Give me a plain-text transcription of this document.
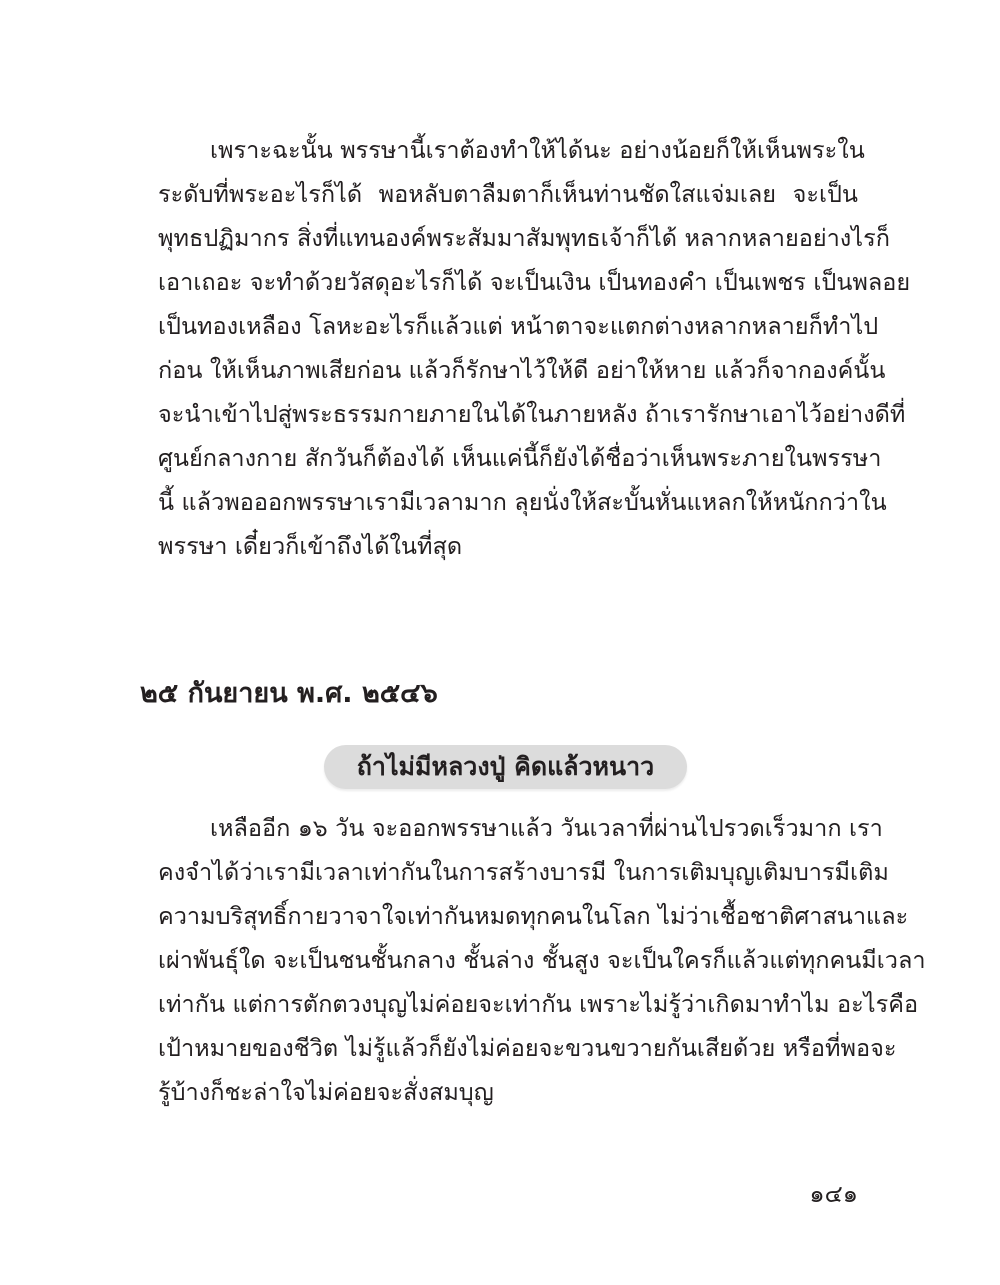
เพราะฉะนั้น พรรษานี้เราต้องทำให้ได้นะ อย่างน้อยก็ให้เห็นพระใน
ระดับที่พระอะไรก็ได้ พอหลับตาลืมตาก็เห็นท่านชัดใสแจ่มเลย จะเป็น
พุทธปฏิมากร สิ่งที่แทนองค์พระสัมมาสัมพุทธเจ้าก็ได้ หลากหลายอย่างไรก็
เอาเถอะ จะทำด้วยวัสดุอะไรก็ได้ จะเป็นเงิน เป็นทองคำ เป็นเพชร เป็นพลอย
เป็นทองเหลือง โลหะอะไรก็แล้วแต่ หน้าตาจะแตกต่างหลากหลายก็ทำไป
ก่อน ให้เห็นภาพเสียก่อน แล้วก็รักษาไว้ให้ดี อย่าให้หาย แล้วก็จากองค์นั้น
จะนำเข้าไปสู่พระธรรมกายภายในได้ในภายหลัง ถ้าเรารักษาเอาไว้อย่างดีที่
ศูนย์กลางกาย สักวันก็ต้องได้ เห็นแค่นี้ก็ยังได้ชื่อว่าเห็นพระภายในพรรษา
นี้ แล้วพอออกพรรษาเรามีเวลามาก ลุยนั่งให้สะบั้นหั่นแหลกให้หนักกว่าใน
พรรษา เดี๋ยวก็เข้าถึงได้ในที่สุด
๒๕ กันยายน พ.ศ. ๒๕๔๖
ถ้าไม่มีหลวงปู่ คิดแล้วหนาว
เหลืออีก ๑๖ วัน จะออกพรรษาแล้ว วันเวลาที่ผ่านไปรวดเร็วมาก เรา
คงจำได้ว่าเรามีเวลาเท่ากันในการสร้างบารมี ในการเติมบุญเติมบารมีเติม
ความบริสุทธิ์กายวาจาใจเท่ากันหมดทุกคนในโลก ไม่ว่าเชื้อชาติศาสนาและ
เผ่าพันธุ์ใด จะเป็นชนชั้นกลาง ชั้นล่าง ชั้นสูง จะเป็นใครก็แล้วแต่ทุกคนมีเวลา
เท่ากัน แต่การตักตวงบุญไม่ค่อยจะเท่ากัน เพราะไม่รู้ว่าเกิดมาทำไม อะไรคือ
เป้าหมายของชีวิต ไม่รู้แล้วก็ยังไม่ค่อยจะขวนขวายกันเสียด้วย หรือที่พอจะ
รู้บ้างก็ชะล่าใจไม่ค่อยจะสั่งสมบุญ
๑๔๑
